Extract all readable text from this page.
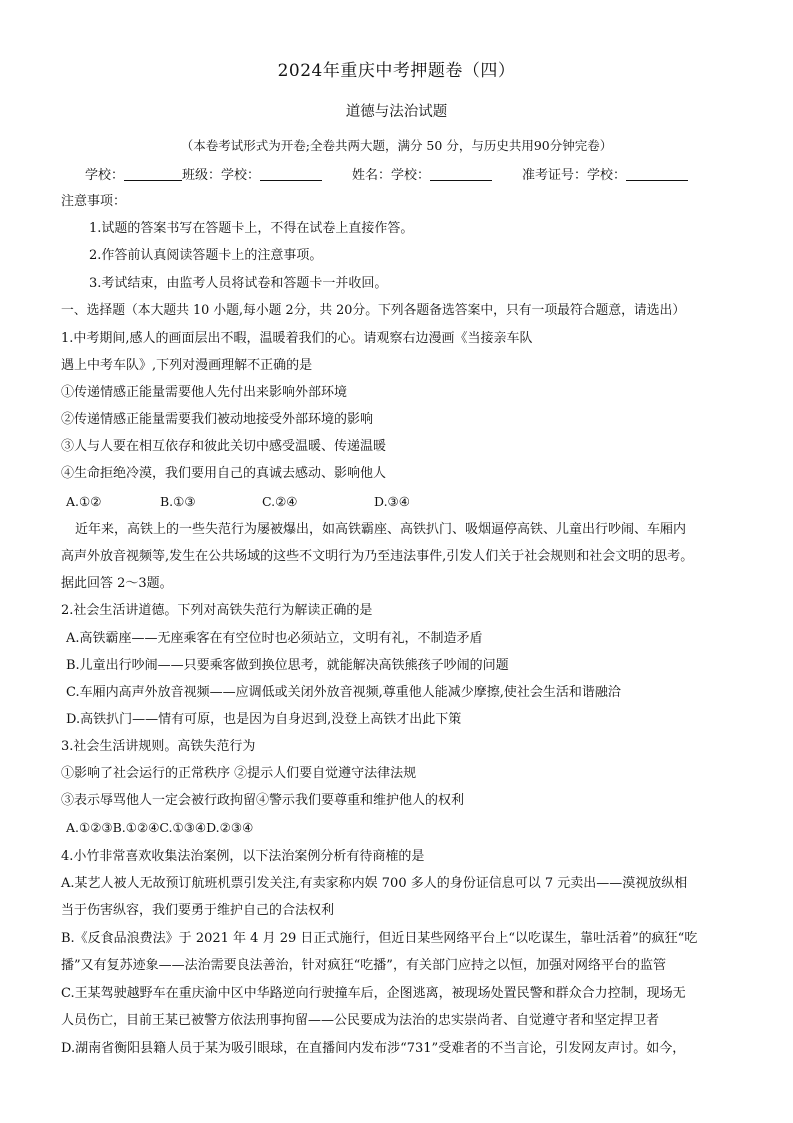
2024年重庆中考押题卷（四）
道德与法治试题
（本卷考试形式为开卷;全卷共两大题，满分 50 分，与历史共用90分钟完卷）
学校：	班级：学校：	姓名：学校：	准考证号：学校：
注意事项：
1.试题的答案书写在答题卡上，不得在试卷上直接作答。
2.作答前认真阅读答题卡上的注意事项。
3.考试结束，由监考人员将试卷和答题卡一并收回。
一、选择题（本大题共 10 小题,每小题 2分，共 20分。下列各题备选答案中，只有一项最符合题意，请选出）
1.中考期间,感人的画面层出不暇，温暖着我们的心。请观察右边漫画《当接亲车队
遇上中考车队》,下列对漫画理解不正确的是
①传递情感正能量需要他人先付出来影响外部环境
②传递情感正能量需要我们被动地接受外部环境的影响
③人与人要在相互依存和彼此关切中感受温暖、传递温暖
④生命拒绝冷漠，我们要用自己的真诚去感动、影响他人
A.①②	B.①③	C.②④	D.③④
近年来，高铁上的一些失范行为屡被爆出，如高铁霸座、高铁扒门、吸烟逼停高铁、儿童出行吵闹、车厢内
高声外放音视频等,发生在公共场域的这些不文明行为乃至违法事件,引发人们关于社会规则和社会文明的思考。
据此回答 2～3题。
2.社会生活讲道德。下列对高铁失范行为解读正确的是
A.高铁霸座——无座乘客在有空位时也必须站立，文明有礼，不制造矛盾
B.儿童出行吵闹——只要乘客做到换位思考，就能解决高铁熊孩子吵闹的问题
C.车厢内高声外放音视频——应调低或关闭外放音视频,尊重他人能减少摩擦,使社会生活和谐融洽
D.高铁扒门——情有可原，也是因为自身迟到,没登上高铁才出此下策
3.社会生活讲规则。高铁失范行为
①影响了社会运行的正常秩序 ②提示人们要自觉遵守法律法规
③表示辱骂他人一定会被行政拘留④警示我们要尊重和维护他人的权利
A.①②③B.①②④C.①③④D.②③④
4.小竹非常喜欢收集法治案例，以下法治案例分析有待商榷的是
A.某艺人被人无故预订航班机票引发关注,有卖家称内娱 700 多人的身份证信息可以 7 元卖出——漠视放纵相
当于伤害纵容，我们要勇于维护自己的合法权利
B.《反食品浪费法》于 2021 年 4 月 29 日正式施行，但近日某些网络平台上“以吃谋生，靠吐活着”的疯狂“吃
播”又有复苏迹象——法治需要良法善治，针对疯狂“吃播”，有关部门应持之以恒，加强对网络平台的监管
C.王某驾驶越野车在重庆渝中区中华路逆向行驶撞车后，企图逃离，被现场处置民警和群众合力控制，现场无
人员伤亡，目前王某已被警方依法刑事拘留——公民要成为法治的忠实崇尚者、自觉遵守者和坚定捍卫者
D.湖南省衡阳县籍人员于某为吸引眼球，在直播间内发布涉“731”受难者的不当言论，引发网友声讨。如今，
